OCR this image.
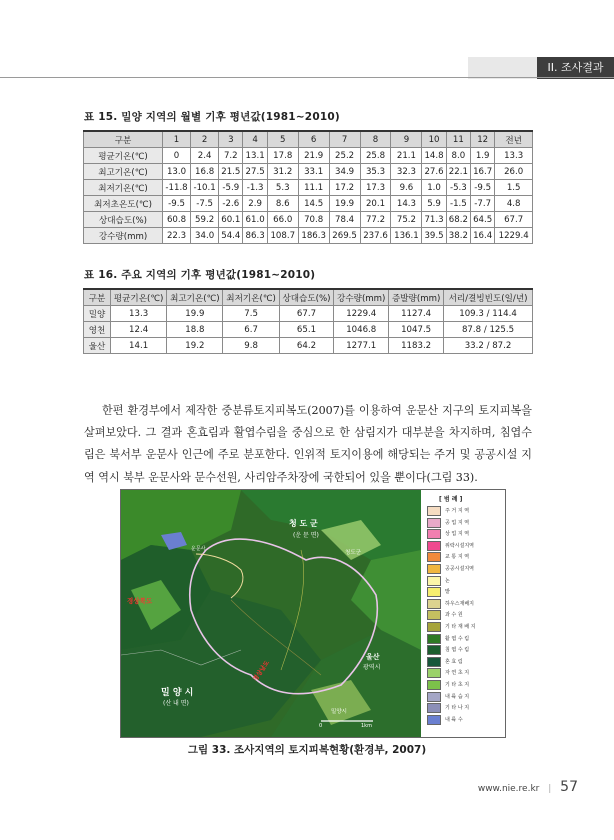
II. 조사결과
표 15. 밀양 지역의 월별 기후 평년값(1981∼2010)
구분	1	2	3	4	5	6	7	8	9	10	11	12	전년
평균기온(℃)	0	2.4	7.2	13.1	17.8	21.9	25.2	25.8	21.1	14.8	8.0	1.9	13.3
최고기온(℃)	13.0	16.8	21.5	27.5	31.2	33.1	34.9	35.3	32.3	27.6	22.1	16.7	26.0
최저기온(℃)	-11.8	-10.1	-5.9	-1.3	5.3	11.1	17.2	17.3	9.6	1.0	-5.3	-9.5	1.5
최저초온도(℃)	-9.5	-7.5	-2.6	2.9	8.6	14.5	19.9	20.1	14.3	5.9	-1.5	-7.7	4.8
상대습도(%)	60.8	59.2	60.1	61.0	66.0	70.8	78.4	77.2	75.2	71.3	68.2	64.5	67.7
강수량(mm)	22.3	34.0	54.4	86.3	108.7	186.3	269.5	237.6	136.1	39.5	38.2	16.4	1229.4
표 16. 주요 지역의 기후 평년값(1981∼2010)
구분	평균기온(℃)	최고기온(℃)	최저기온(℃)	상대습도(%)	강수량(mm)	증발량(mm)	서리/결빙빈도(일/년)
밀양	13.3	19.9	7.5	67.7	1229.4	1127.4	109.3 / 114.4
영천	12.4	18.8	6.7	65.1	1046.8	1047.5	87.8 / 125.5
울산	14.1	19.2	9.8	64.2	1277.1	1183.2	33.2 / 87.2

한편 환경부에서 제작한 중분류토지피복도(2007)를 이용하여 운문산 지구의 토지피복을 살펴보았다. 그 결과 혼효림과 활엽수림을 중심으로 한 삼림지가 대부분을 차지하며, 침엽수림은 북서부 운문사 인근에 주로 분포한다. 인위적 토지이용에 해당되는 주거 및 공공시설 지역 역시 북부 운문사와 문수선원, 사리암주차장에 국한되어 있을 뿐이다(그림 33).

청 도 군
(운 문 면)
청도군
운문사
경상북도
경상남도
밀 양 시
(산 내 면)
울산
광역시
밀양시
0	1km
[ 범 례 ]
주 거 지 역
공 업 지 역
상 업 지 역
위락시설지역
교 통 지 역
공공시설지역
논
밭
하우스재배지
과 수 원
기 타 재 배 지
활 엽 수 림
침 엽 수 림
혼 효 림
자 연 초 지
기 타 초 지
내 륙 습 지
기 타 나 지
내 륙 수
그림 33. 조사지역의 토지피복현황(환경부, 2007)
www.nie.re.kr | 57
